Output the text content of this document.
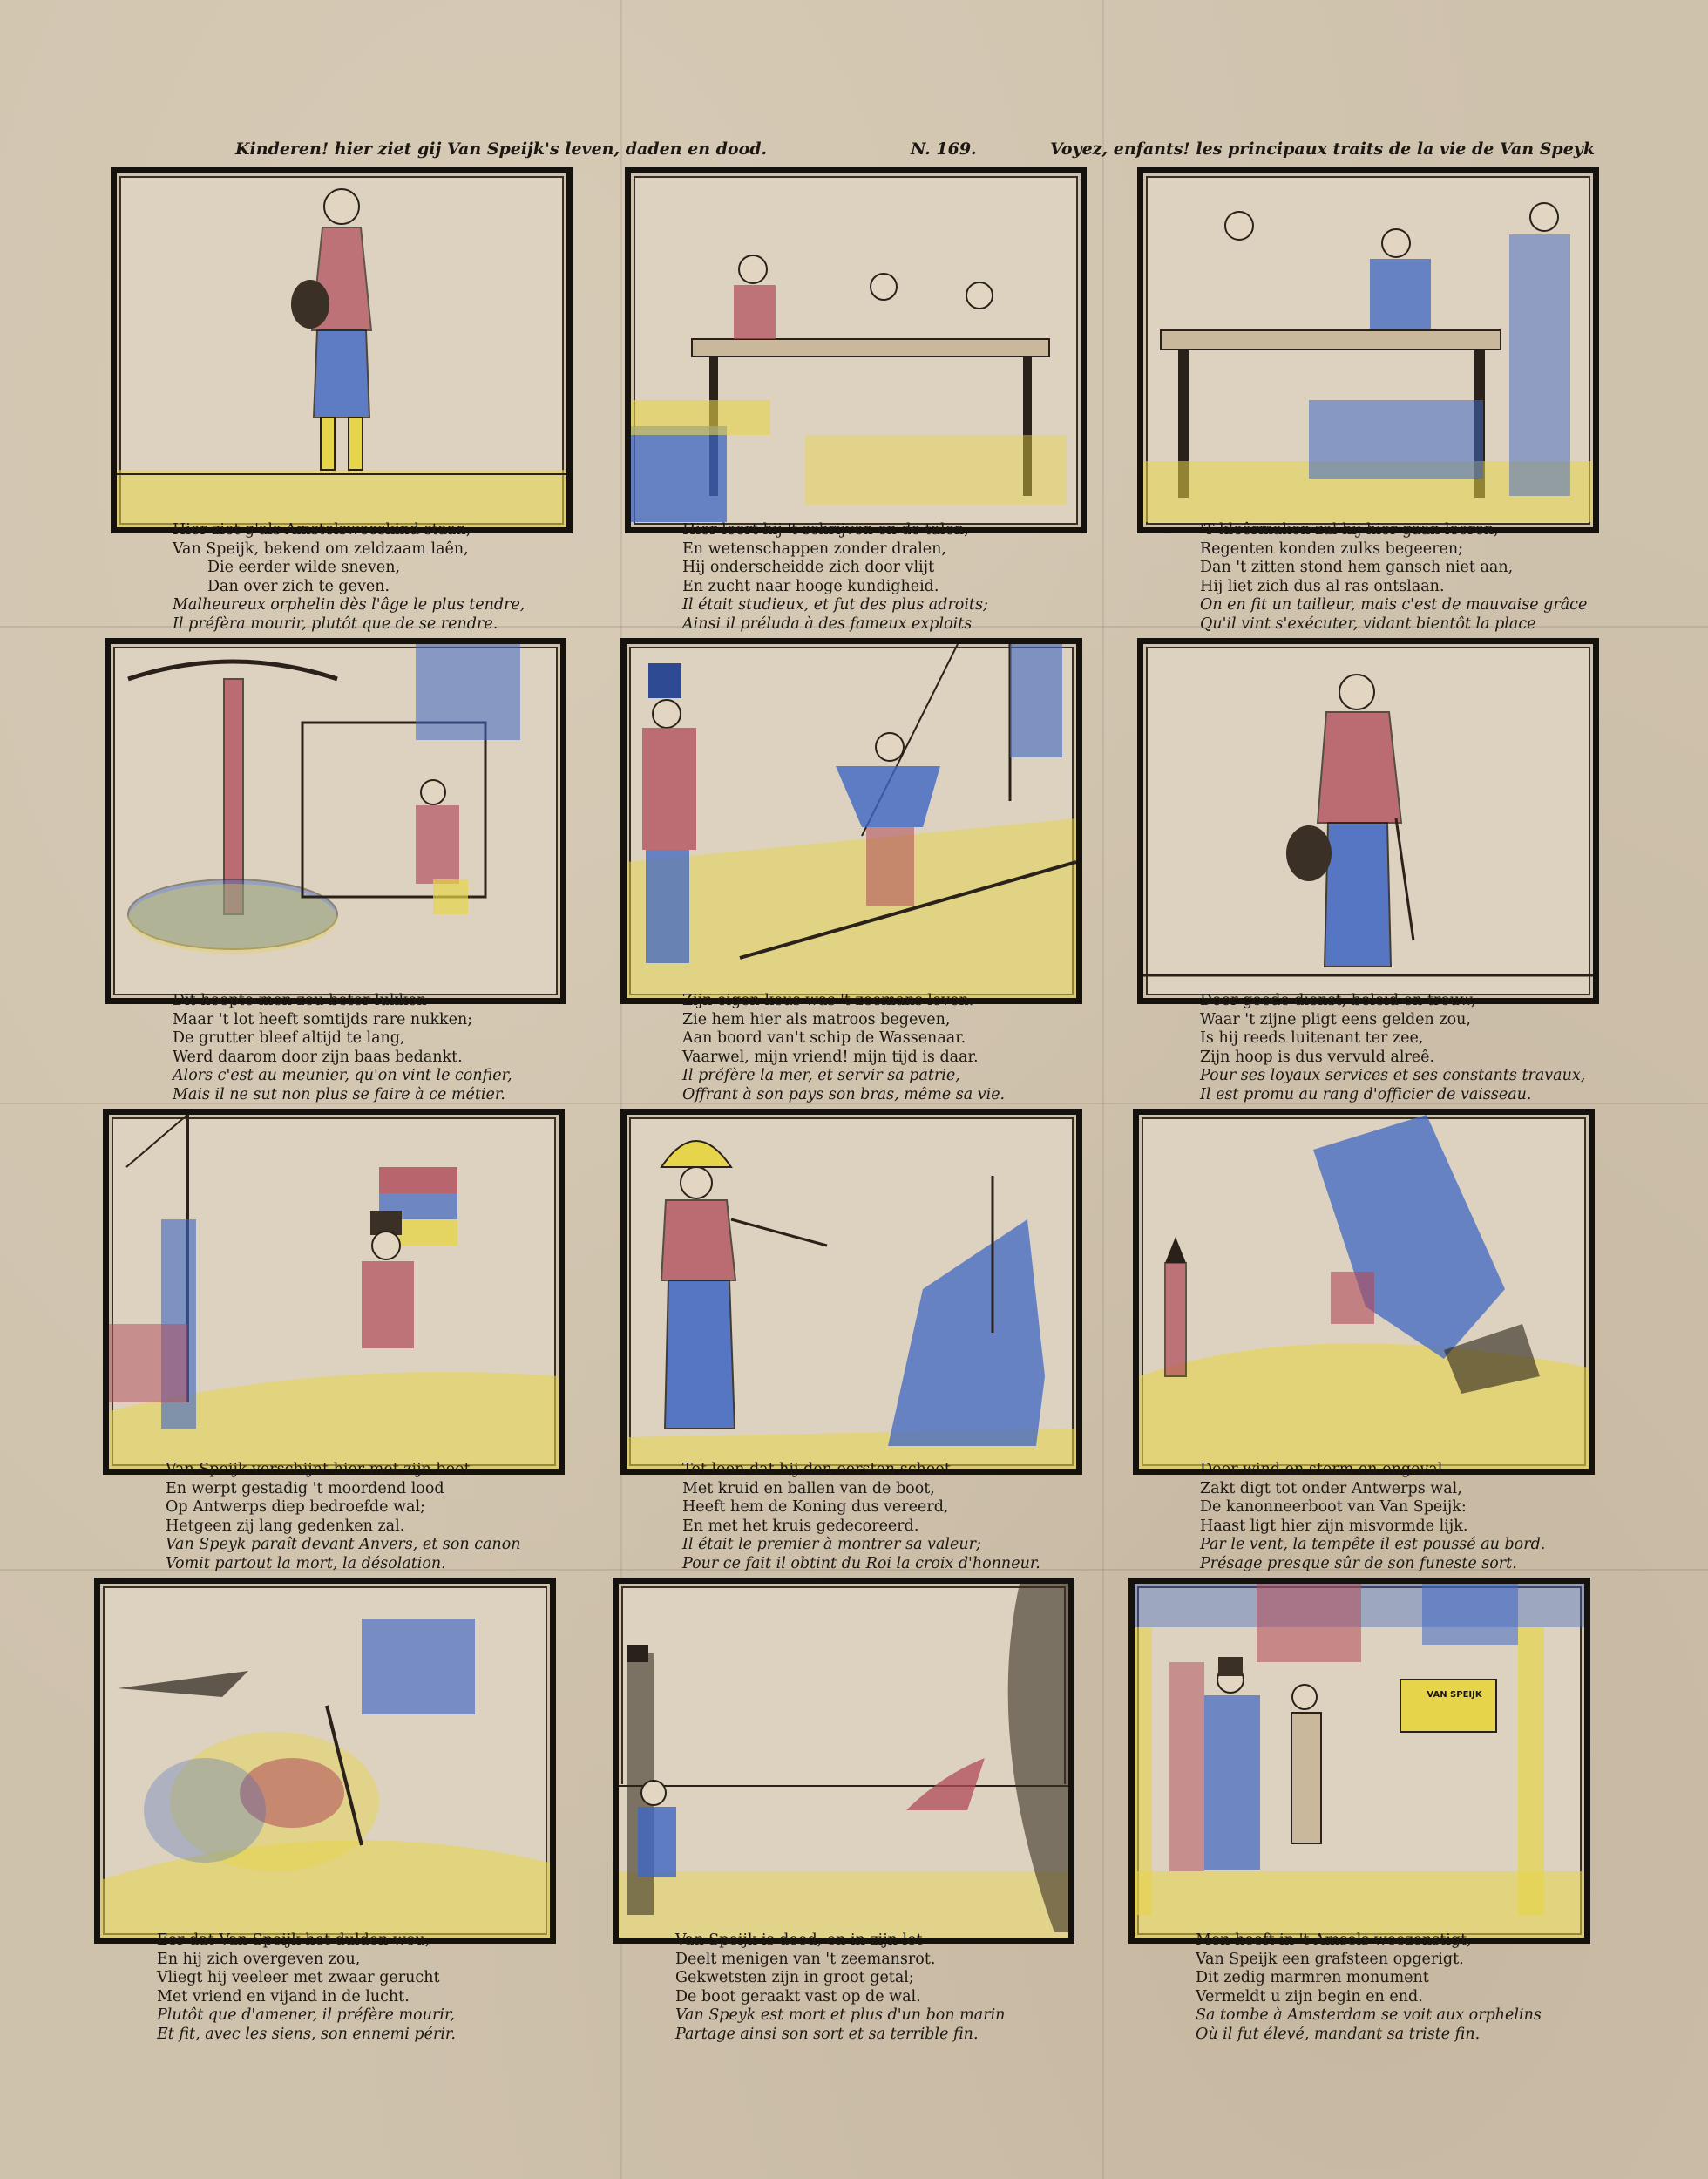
Kinderen! hier ziet gij Van Speijk's leven, daden en dood.	N. 169.	Voyez, enfants! les principaux traits de la vie de Van Speyk
VAN SPEIJK
Hier ziet g'als Amstelsweeskind staan,
Van Speijk, bekend om zeldzaam laên,
Die eerder wilde sneven,
Dan over zich te geven.
Malheureux orphelin dès l'âge le plus tendre,
Il préfèra mourir, plutôt que de se rendre.
Hier leert hij 't schrijven en de talen,
En wetenschappen zonder dralen,
Hij onderscheidde zich door vlijt
En zucht naar hooge kundigheid.
Il était studieux, et fut des plus adroits;
Ainsi il préluda à des fameux exploits
'T kleêrmaken zal hij hier gaan leeren,
Regenten konden zulks begeeren;
Dan 't zitten stond hem gansch niet aan,
Hij liet zich dus al ras ontslaan.
On en fit un tailleur, mais c'est de mauvaise grâce
Qu'il vint s'exécuter, vidant bientôt la place
Dit hoopte men zou beter lukken
Maar 't lot heeft somtijds rare nukken;
De grutter bleef altijd te lang,
Werd daarom door zijn baas bedankt.
Alors c'est au meunier, qu'on vint le confier,
Mais il ne sut non plus se faire à ce métier.
Zijn eigen keus was 't zeemans leven.
Zie hem hier als matroos begeven,
Aan boord van't schip de Wassenaar.
Vaarwel, mijn vriend! mijn tijd is daar.
Il préfère la mer, et servir sa patrie,
Offrant à son pays son bras, même sa vie.
Door goede dienst, beleid en trouw,
Waar 't zijne pligt eens gelden zou,
Is hij reeds luitenant ter zee,
Zijn hoop is dus vervuld alreê.
Pour ses loyaux services et ses constants travaux,
Il est promu au rang d'officier de vaisseau.
Van Speijk verschijnt hier met zijn boot
En werpt gestadig 't moordend lood
Op Antwerps diep bedroefde wal;
Hetgeen zij lang gedenken zal.
Van Speyk paraît devant Anvers, et son canon
Vomit partout la mort, la désolation.
Tot loon dat hij den eersten schoot
Met kruid en ballen van de boot,
Heeft hem de Koning dus vereerd,
En met het kruis gedecoreerd.
Il était le premier à montrer sa valeur;
Pour ce fait il obtint du Roi la croix d'honneur.
Door wind en storm en ongeval
Zakt digt tot onder Antwerps wal,
De kanonneerboot van Van Speijk:
Haast ligt hier zijn misvormde lijk.
Par le vent, la tempête il est poussé au bord.
Présage presque sûr de son funeste sort.
Eer dat Van Speijk het dulden wou,
En hij zich overgeven zou,
Vliegt hij veeleer met zwaar gerucht
Met vriend en vijand in de lucht.
Plutôt que d'amener, il préfère mourir,
Et fit, avec les siens, son ennemi périr.
Van Speijk is dood, en in zijn lot
Deelt menigen van 't zeemansrot.
Gekwetsten zijn in groot getal;
De boot geraakt vast op de wal.
Van Speyk est mort et plus d'un bon marin
Partage ainsi son sort et sa terrible fin.
Men heeft in 't Amsels weezenstigt,
Van Speijk een grafsteen opgerigt.
Dit zedig marmren monument
Vermeldt u zijn begin en end.
Sa tombe à Amsterdam se voit aux orphelins
Où il fut élevé, mandant sa triste fin.
